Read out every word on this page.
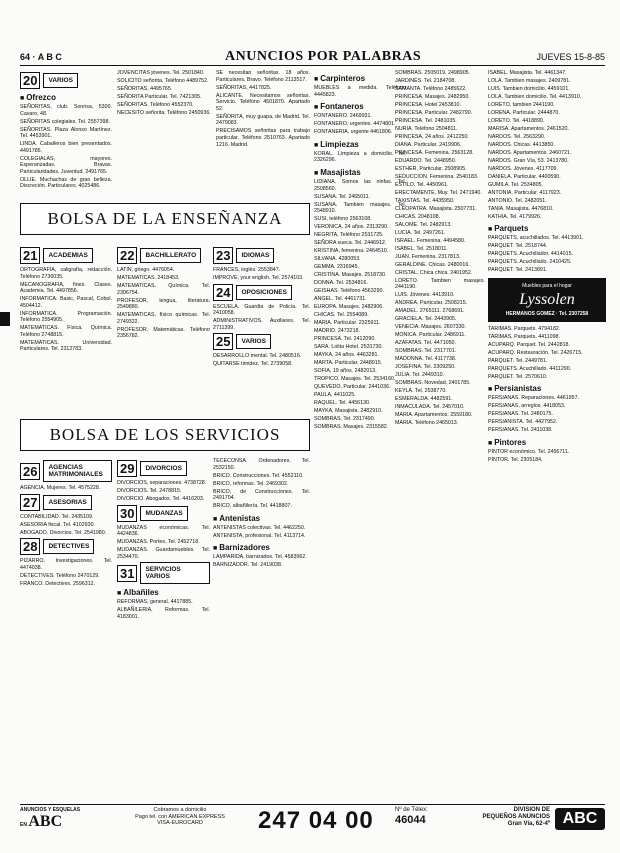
64 · A B C	ANUNCIOS POR PALABRAS	JUEVES 15-8-85
20	VARIOS
■ Ofrezco

SEÑORITAS, club. Sonrisa, 5300. Cavaro, 48.

SEÑORITAS colegiales. Tel. 2557398.

SEÑORITAS. Plaza Alonso Martínez. Tel. 4453901.

LINDA. Caballeros bien presentados. 4491785.

COLEGIALAS, mayores. Esperanzadas. Bravas. Particularidades. Juventud. 2491765.

OLLIE. Muchachas de gran belleza. Discreción. Particulares. 4025486.

JOVENCITAS jóvenes. Tel. 2501840.

SOLICITO señorita. Teléfono 4489752.

SEÑORITAS, 4495765.

SEÑORITA Particular. Tel. 7421305.

SEÑORITAS. Teléfono 4552370.

NECESITO señorita. Teléfono 2450936.

SE necesitan señoritas. 18 años. Particulares. Bravo. Teléfono 2113517.

SEÑORITAS, 4417825.

ALICANTE. Necesitamos señoritas. Servicio. Teléfono 4501870. Apartado 52.

SEÑORITA, muy guapa, de Madrid. Tel. 2479083.

PRECISAMOS señoritas para trabajo particular. Teléfono 2510763. Apartado 1216. Madrid.

BOLSA DE LA ENSEÑANZA
21	ACADEMIAS

ORTOGRAFIA, caligrafía, redacción. Teléfono 2736035.

MECANOGRAFIA, fines. Clases. Academia. Tel. 4497856.

INFORMATICA. Basic, Pascal, Cobol. 4504412.

INFORMATICA. Programación. Teléfono 2554905.

MATEMATICAS. Física. Química. Teléfono 2748815.

MATEMATICAS. Universidad. Particulares. Tel. 2312783.

22	BACHILLERATO

LATIN, griego. 4476054.

MATEMATICAS. 2418453.

MATEMATICAS. Química. Tel. 2306754.

PROFESOR, lengua, literatura. 2549880.

MATEMATICAS, físico químicas. Tel. 2749322.

PROFESOR. Matemáticas. Teléfono 2356782.

23	IDIOMAS

FRANCES, inglés. 2553847.

IMPROVE, your english. Tel. 2574103.

24	OPOSICIONES

ESCUELA. Guardia de Policía. Tel. 2410058.

ADMINISTRATIVOS. Auxiliares. Tel. 2711399.

25	VARIOS

DESARROLLO mental. Tel. 2480516.

QUITARSE timidez. Tel. 2739058.

BOLSA DE LOS SERVICIOS
26	AGENCIAS MATRIMONIALES

AGENCIA. Mujeres. Tel. 4575228.

27	ASESORIAS

CONTABILIDAD. Tel. 2435109.

ASESORIA fiscal. Tel. 4102930.

ABOGADO. Divorcios. Tel. 2541980.

28	DETECTIVES

PIZARRO. Investigaciones. Tel. 4474038.

DETECTIVES. Teléfono 2470129.

FRANCO. Detectives. 2596312.

29	DIVORCIOS

DIVORCIOS, separaciones. 4738728.

DIVORCIOS. Tel. 2478815.

DIVORCIO. Abogados. Tel. 4416203.

30	MUDANZAS

MUDANZAS económicas. Tel. 4424836.

MUDANZAS. Portes. Tel. 2452718.

MUDANZAS. Guardamuebles. Tel. 2534470.

31	SERVICIOS VARIOS
■ Albañiles

REFORMAS, general. 4417885.

ALBAÑILERIA, Reformas. Tel. 4183001.

TECECONSA. Ordenadores. Tel. 2532150.

BRICO. Construcciones. Tel. 4552110.

BRICO, reformas. Tel. 2469302.

BRICO, de Construcciones. Tel. 2491704.

BRICO, albañilería. Tel. 4418807.

■ Antenistas

ANTENISTAS colectivas. Tel. 4462250.

ANTENISTA, profesional. Tel. 4113714.

■ Barnizadores

LAMPARIDA, barnizados. Tel. 4583962.

BARNIZADOR. Tel. 2419038.

■ Carpinteros

MUEBLES a medida. Teléfono 4445823.

■ Fontaneros

FONTANERO. 2469931.

FONTANERO, urgentes. 4474801.

FONTANERIA, urgente 4461806.

■ Limpiezas

KORAL. Limpieza a domicilio. Tel. 2326296.

■ Masajistas

LIDIANA. Somos las ninfas. Tel. 2508560.

SUSANA. Tel. 2465011.

SUSANA. Tambien masajes. Tel. 2548910.

SUSI, teléfono 2563108.

VERONICA, 24 años. 2313290.

NEGRITA, Teléfono 2531725.

SEÑORA sueca. Tel. 2446912.

KRISTINA, femenina. 2464510.

SILVANA. 4280053.

GEMMA. 2316945.

CRISTINA. Masajes. 2518730.

DONNA. Tel. 2534816.

GEISHAS. Teléfono 4563290.

ANGEL. Tel. 4461731.

EUROPA. Masajes. 2482906.

CHICAS. Tel. 2554089.

MARIA. Particular. 2325911.

MADRID. 2473218.

PRINCESA. Tel. 2412090.

SARA. Lolita Hotel. 2531730.

MAYKA, 24 años. 4463281.

MARTA. Particular. 2448915.

SOFIA, 19 años. 2482013.

TROPICO. Masajes. Tel. 2534160.

QUEVEDO, Particular. 2441036.

PAULA, 4411025.

RAQUEL. Tel. 4456130.

MAYKA, Masajista. 2482910.

SOMBRAS. Tel. 2317490.

SOMBRAS. Masajes. 2315582.

SOMBRAS. 2505019. 2498905.

JARDINES. Tel. 2184708.

SAMANTA. Teléfono 2485622.

PRINCESA. Masajes. 2482950.

PRINCESA. Hotel 2453810.

PRINCESA. Particular. 2482790.

PRINCESA. Tel. 2481035.

NURIA. Teléfono 2504811.

PRINCESA, 24 años. 2412250.

DIANA. Particular. 2419906.

PRINCESA. Femenina. 2563128.

EDUARDO. Tel. 2448950.

ESTHER, Particular. 2508905.

SEDUCCION. Femenina. 2540183.

ESTILO. Tel. 4450961.

ERECTAMENTE, Muy. Tel. 2471940.

TAXISTAS. Tel. 4435950.

CLEOPATRA. Masajista. 2507731.

CHICAS. 2048108.

SALOME. Tel. 2482913.

LUCIA. Tel. 2497261.

ISRAEL. Femenina. 4494580.

ISABEL. Tel. 2518011.

JUAN. Femenina. 2317813.

GERALDINE. Chicas. 2480016.

CRISTAL. Chica chica. 2401952.

LORETO. Tambien masajes. 2441190.

LUIS. Jóvenes. 4413910.

ANDREA. Particular. 2508215.

AMADEL. 2765111. 2768691.

GRACIELA. Tel. 2443905.

VENECIA. Masajes. 2607330.

MONICA. Particular. 2486911.

AZAFATAS. Tel. 4471050.

SOMBRAS. Tel. 2317701.

MADONNA. Tel. 4117738.

JOSEFINA. Tel. 2309250.

JULIA. Tel. 2449310.

SOMBRAS. Novedad. 2401785.

KEYLA. Tel. 2538770.

ESMERALDA. 4482591.

INMACULADA. Tel. 2457010.

MARIA. Apartamentos. 2559180.

MARIA. Teléfono 2465013.

ISABEL. Masajista. Tel. 4461347.

LOLA. Tambien masajes. 2409781.

LUIS. Tambien domicilio. 4459101.

LOLA. Tambien domicilio. Tel. 4413910.

LORETO, tambien 2441190.

LORENA. Particular. 2444870.

LORETO. Tel. 4418890.

MARISA. Apartamentos. 2461520.

NARDOS. Tel. 2563290.

NARDOS. Chicas. 4413850.

NARDOS. Apartamentos. 2460721.

NARDOS. Gran Vía, 53. 2413780.

NARDOS. Jóvenes. 4117709.

DANIELA. Particular. 4400590.

GUMILA. Tel. 2534805.

ANTONIA. Particular. 4117923.

ANTONIO. Tel. 2482051.

TANIA. Masajista. 4476810.

KATHIA. Tel. 4179926.

■ Parquets

PARQUETS, acuchillados. Tel. 4413901.

PARQUET. Tel. 2518744.

PARQUETS. Acuchillador. 4414015.

PARQUETS. Acuchillado. 2410425.

PARQUET. Tel. 2413891.

Muebles para el hogar
Lyssolen
HERMANOS GOMEZ · Tel. 2307258

TARIMAS. Parquets. 4794182.

TARIMAS, Parquets. 4411098.

ACUPARQ. Parquet. Tel. 2442818.

ACUPARQ. Restauración. Tel. 2426715.

PARQUET. Tel. 2449781.

PARQUETS. Acuchillado. 4411290.

PARQUET. Tel. 2570610.

■ Persianistas

PERSIANAS. Reparaciones. 4461957.

PERSIANAS, arreglos. 4418053.

PERSIANAS. Tel. 2480175.

PERSIANISTA. Tel. 4427952.

PERSIANAS. Tel. 2411038.

■ Pintores

PINTOR económico. Tel. 2456711.

PINTOR. Tel. 2305184.

ANUNCIOS Y ESQUELAS
EN ABC
Cobramos a domicilio
Pago tel. con AMERICAN EXPRESS
VISA-EUROCARD	247 04 00	Nº de Télex:
46044
DIVISION DE
PEQUEÑOS ANUNCIOS
Gran Vía, 62-4º ABC
